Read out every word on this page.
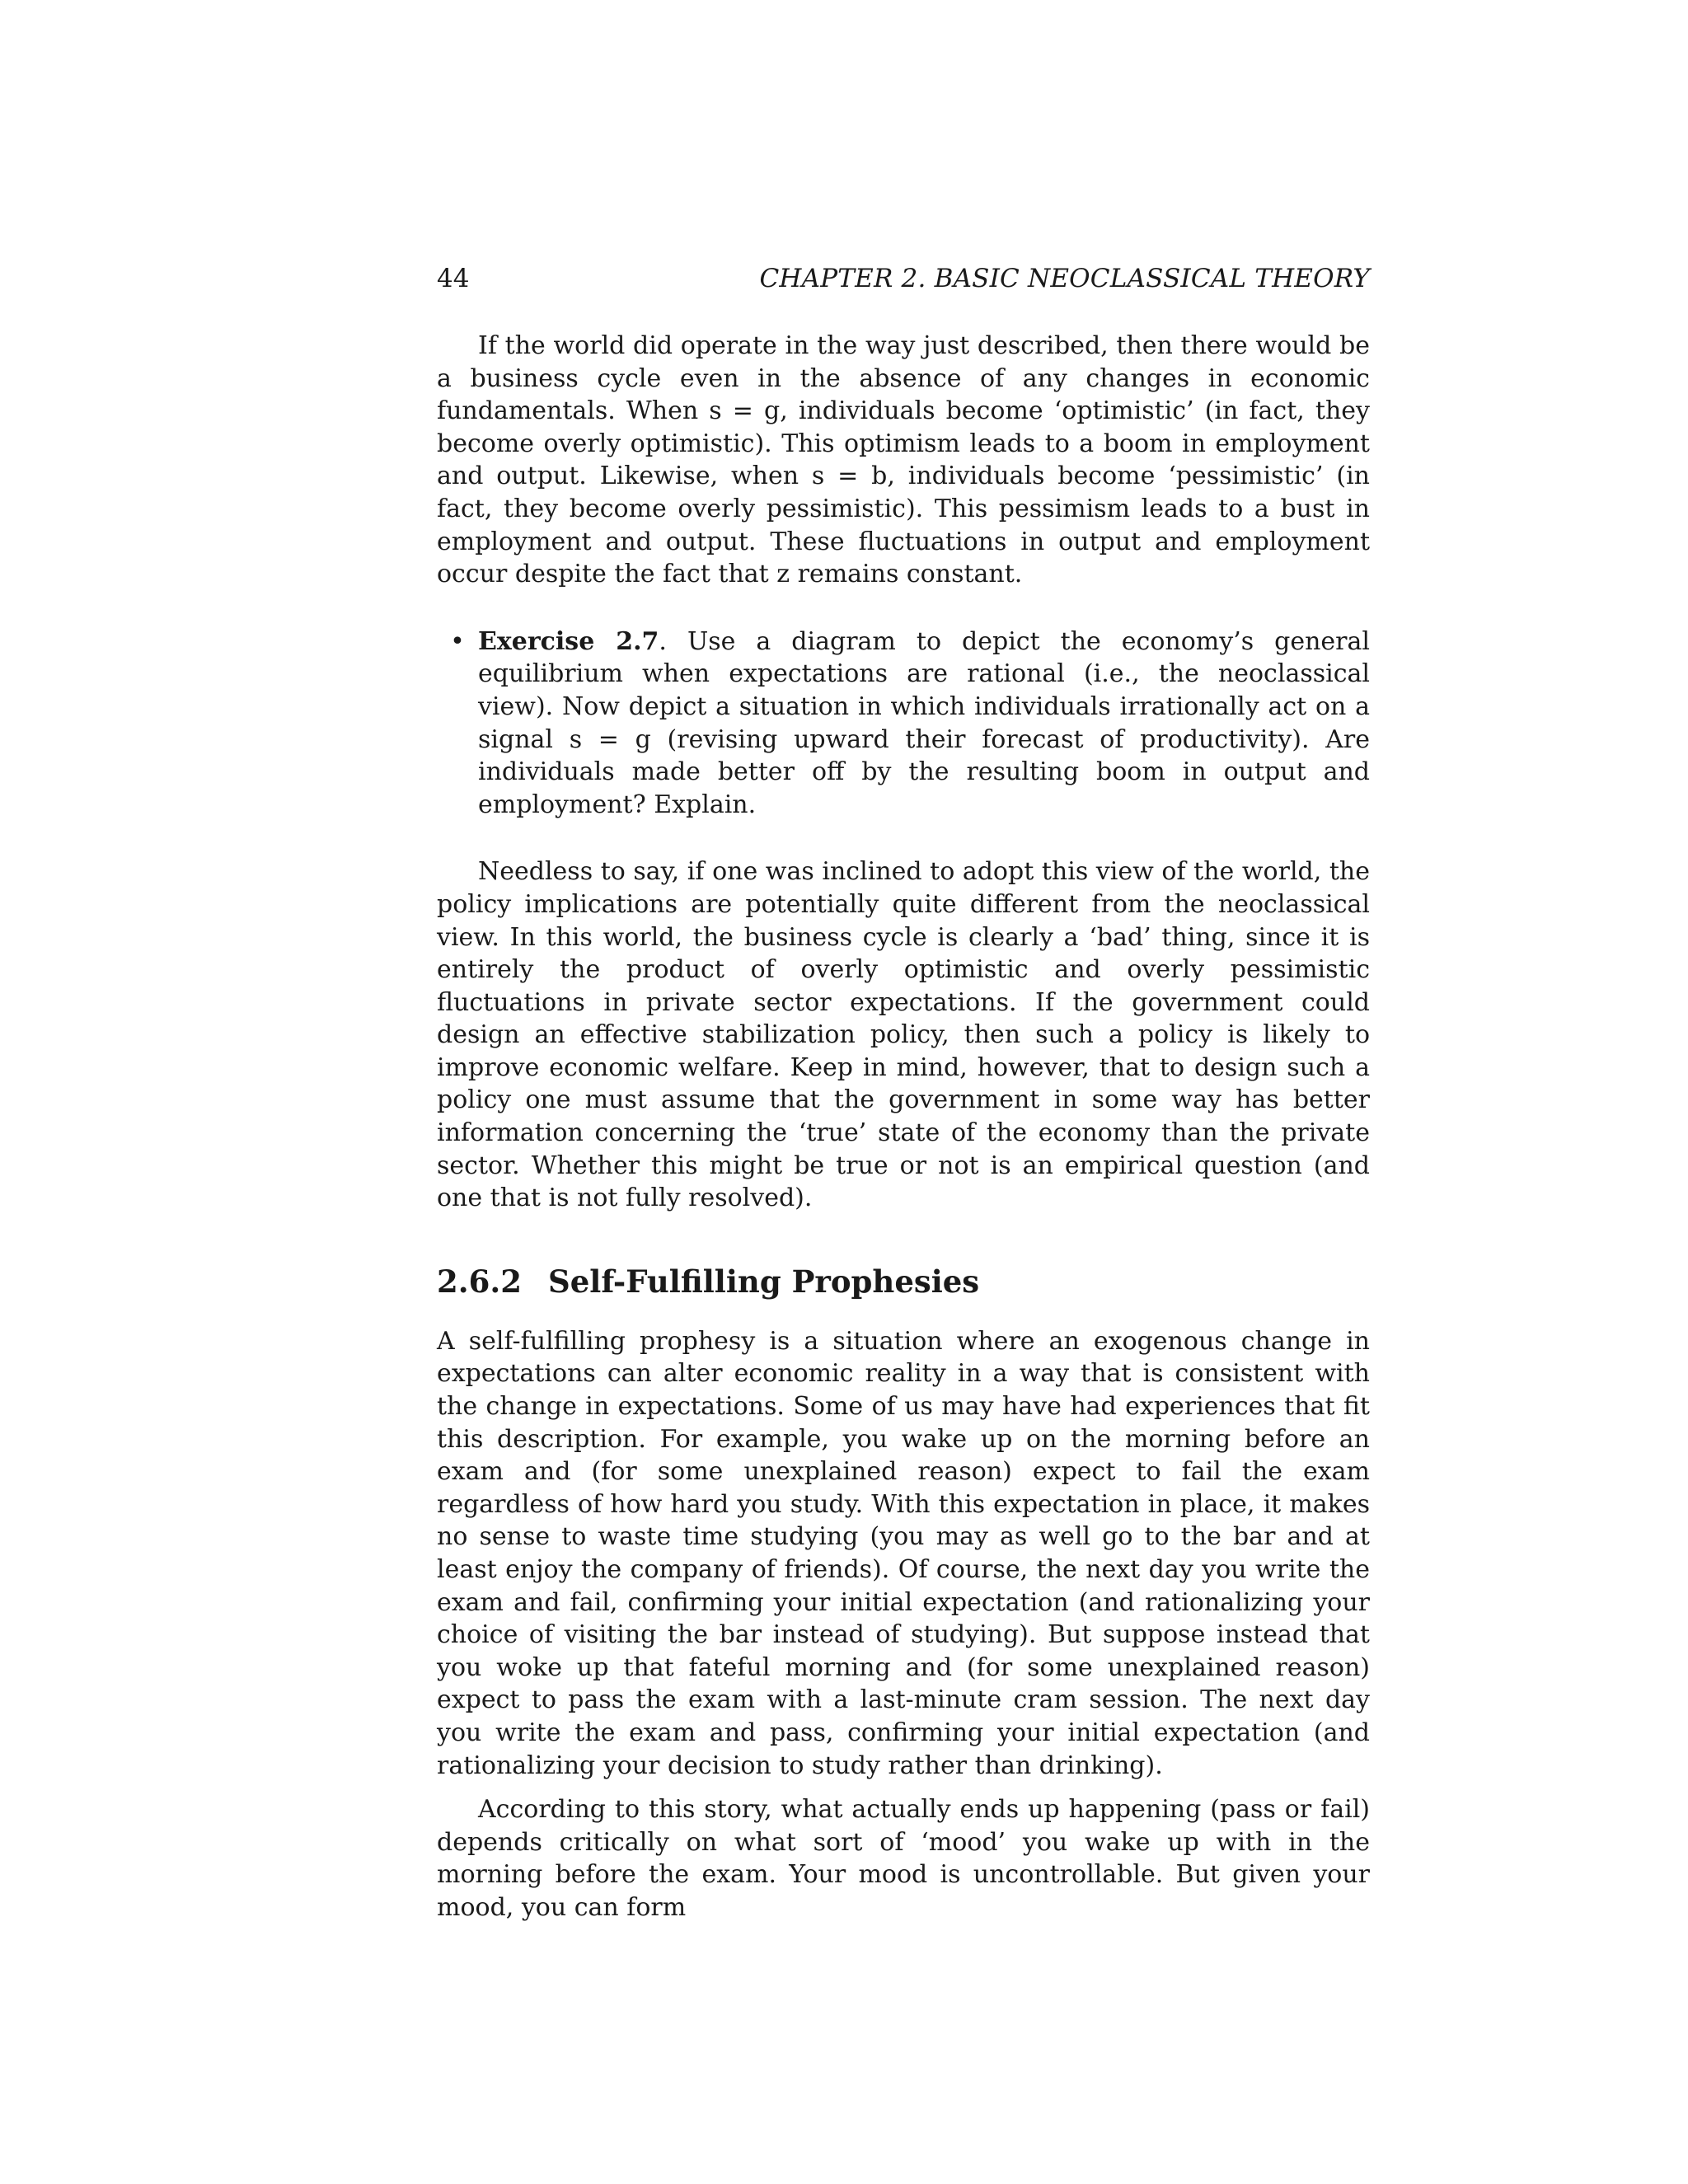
44	CHAPTER 2. BASIC NEOCLASSICAL THEORY

If the world did operate in the way just described, then there would be a business cycle even in the absence of any changes in economic fundamentals. When s = g, individuals become ‘optimistic’ (in fact, they become overly optimistic). This optimism leads to a boom in employment and output. Likewise, when s = b, individuals become ‘pessimistic’ (in fact, they become overly pessimistic). This pessimism leads to a bust in employment and output. These fluctuations in output and employment occur despite the fact that z remains constant.

• Exercise 2.7. Use a diagram to depict the economy’s general equilibrium when expectations are rational (i.e., the neoclassical view). Now depict a situation in which individuals irrationally act on a signal s = g (revising upward their forecast of productivity). Are individuals made better off by the resulting boom in output and employment? Explain.

Needless to say, if one was inclined to adopt this view of the world, the policy implications are potentially quite different from the neoclassical view. In this world, the business cycle is clearly a ‘bad’ thing, since it is entirely the product of overly optimistic and overly pessimistic fluctuations in private sector expectations. If the government could design an effective stabilization policy, then such a policy is likely to improve economic welfare. Keep in mind, however, that to design such a policy one must assume that the government in some way has better information concerning the ‘true’ state of the economy than the private sector. Whether this might be true or not is an empirical question (and one that is not fully resolved).

2.6.2 Self-Fulfilling Prophesies

A self-fulfilling prophesy is a situation where an exogenous change in expectations can alter economic reality in a way that is consistent with the change in expectations. Some of us may have had experiences that fit this description. For example, you wake up on the morning before an exam and (for some unexplained reason) expect to fail the exam regardless of how hard you study. With this expectation in place, it makes no sense to waste time studying (you may as well go to the bar and at least enjoy the company of friends). Of course, the next day you write the exam and fail, confirming your initial expectation (and rationalizing your choice of visiting the bar instead of studying). But suppose instead that you woke up that fateful morning and (for some unexplained reason) expect to pass the exam with a last-minute cram session. The next day you write the exam and pass, confirming your initial expectation (and rationalizing your decision to study rather than drinking).

According to this story, what actually ends up happening (pass or fail) depends critically on what sort of ‘mood’ you wake up with in the morning before the exam. Your mood is uncontrollable. But given your mood, you can form
